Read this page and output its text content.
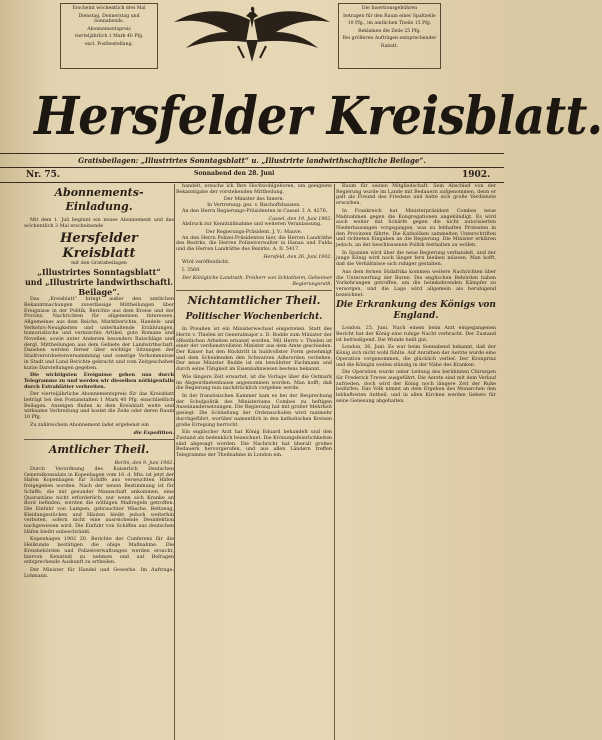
Erscheint wöchentlich drei Mal

Dienstag, Donnerstag und Sonnabends.

Abonnementspreis

vierteljährlich 1 Mark 40 Pfg.

excl. Postbestellung.

Die Insertionsgebühren

betragen für den Raum einer Spaltzeile

10 Pfg., im amtlichen Theile 15 Pfg.

Reklamen die Zeile 25 Pfg.

Bei größeren Aufträgen entsprechender

Rabatt.

Hersfelder Kreisblatt.
Gratisbeilagen: „Illustrirtes Sonntagsblatt“ u. „Illustrirte landwirthschaftliche Beilage“.
Nr. 75.	Sonnabend den 28. Juni	1902.
Abonnements-Einladung.

Mit dem 1. Juli beginnt ein neues Abonnement und das wöchentlich 3 Mal erscheinende

Hersfelder Kreisblatt
mit den Gratisbeilagen
„Illustrirtes Sonntagsblatt“
und „Illustrirte landwirthschaftl. Beilage“.

Das „Kreisblatt“ bringt außer den amtlichen Bekanntmachungen zuverlässige Mittheilungen über Ereignisse in der Politik, Berichte aus dem Kreise und der Provinz, Nachrichten für allgemeinen Interessen, Allgemeines aus dem Reiche, Marktberichte, Handels- und Verkehrs-Neuigkeiten und unterhaltende Erzählungen, humoristische und vermischte Artikel, gute Romane und Novellen, sowie unter Anderem besonders Ratschläge und dergl. Mittheilungen aus dem Gebiete der Landwirthschaft. Daneben werden ferner über wichtige Sitzungen der Stadtverordnetenversammlung und sonstige Vorkommnisse in Stadt und Land Berichte gebracht und vom Zeitgeschehen kurze Darstellungen gegeben.

Die wichtigsten Ereignisse gehen uns durch Telegramme zu und werden wir dieselben nöthigenfalls durch Extrablätter verbreiten.

Der vierteljährliche Abonnementspreis für das Kreisblatt beträgt bei den Postanstalten 1 Mark 40 Pfg. einschließlich Beilagen. Anzeigen finden in dem Kreisblatt weite und wirksame Verbreitung und kostet die Zeile oder deren Raum 10 Pfg.

Zu zahlreichem Abonnement ladet ergebenst ein

die Expedition.
Amtlicher Theil.
Berlin, den 9. Juni 1902.

Durch Verordnung des Kaiserlich Deutschen Generalkonsulats in Kopenhagen vom 16. d. Mts. ist jetzt der Hafen Kopenhagen für Schiffe aus verseuchten Häfen freigegeben worden. Nach der neuen Bestimmung ist für Schiffe, die mit gesunder Mannschaft ankommen, eine Quarantäne nicht erforderlich; nur wenn sich Kranke an Bord befinden, werden die nöthigen Maßregeln getroffen. Die Einfuhr von Lumpen, gebrauchter Wäsche, Bettzeug, Kleidungsstücken und Häuten bleibt jedoch weiterhin verboten, sofern nicht eine ausreichende Desinfektion nachgewiesen wird. Die Einfuhr von Schiffen aus deutschen Häfen bleibt unbeschränkt.

Kopenhagen 1902 20. Berichte der Conferenz für die Heilkunde bestätigen die obige Maßnahme. Die Kreisbehörden und Polizeiverwaltungen werden ersucht, hiervon Kenntniß zu nehmen und auf Befragen entsprechende Auskunft zu ertheilen.

Der Minister für Handel und Gewerbe. Im Auftrage: Lohmann.

handelt, ersuche ich Ihre Hochwohlgeboren, um geeignete Bekanntgabe der vorstehenden Mittheilung.

Der Minister des Innern.
In Vertretung: gez. v. Bischoffshausen.

An den Herrn Regierungs-Präsidenten in Cassel. I. A. 4276.

Cassel, den 19. Juni 1902.

Abdruck zur Kenntnißnahme und weiteren Veranlassung.

Der Regierungs-Präsident. J. V.: Mauve.

An den Herrn Polizei-Präsidenten hier, die Herren Landräthe des Bezirks, die Herren Polizeiverwalter in Hanau und Fulda und die Herren Landräthe des Bezirks. A. II. 5417.

Hersfeld, den 26. Juni 1902.

Wird veröffentlicht.

I. 3569.

Der Königliche Landrath. Freiherr von Schlotheim, Geheimer Regierungsrath.
Nichtamtlicher Theil.
Politischer Wochenbericht.

In Preußen ist ein Ministerwechsel eingetreten. Statt des Herrn v. Thielen ist Generalmajor z. D. Budde zum Minister der öffentlichen Arbeiten ernannt worden. Mit Herrn v. Thielen ist einer der verdienstvollsten Minister aus dem Amte geschieden. Der Kaiser hat den Rücktritt in huldvollster Form genehmigt und dem Scheidenden den Schwarzen Adlerorden verliehen. Der neue Minister Budde ist ein bewährter Fachmann und durch seine Tätigkeit im Eisenbahnwesen bestens bekannt.

Wie längere Zeit erwartet, ist die Vorlage über die Ostmark im Abgeordnetenhause angenommen worden. Man hofft, daß die Regierung nun nachdrücklich vorgehen werde.

In der französischen Kammer kam es bei der Besprechung der Schulpolitik des Ministeriums Combes zu heftigen Auseinandersetzungen. Die Regierung hat mit großer Mehrheit gesiegt. Die Schließung der Ordensschulen wird nunmehr durchgeführt, worüber namentlich in den katholischen Kreisen große Erregung herrscht.

Ein englischer Arzt hat König Eduard behandelt und den Zustand als bedenklich bezeichnet. Die Krönungsfeierlichkeiten sind abgesagt worden. Die Nachricht hat überall großes Bedauern hervorgerufen, und aus allen Ländern treffen Telegramme der Theilnahme in London ein.

Raum für seinen Mitgliedschaft. Sein Abschied von der Regierung wurde im Lande mit Bedauern aufgenommen, denn er galt als Freund des Friedens und hatte sich große Verdienste erworben.

In Frankreich hat Ministerpräsident Combes neue Maßnahmen gegen die Kongregationen angekündigt. Es wird auch weiter mit Schärfe gegen die nicht autorisierten Niederlassungen vorgegangen, was zu lebhaften Protesten in den Provinzen führte. Die Katholiken sammelten Unterschriften und richteten Eingaben an die Regierung. Die Minister erklären jedoch, an der beschlossenen Politik festhalten zu wollen.

In Spanien wird über die neue Regierung verhandelt, und der junge König wird noch länger fern bleiben müssen. Man hofft, daß die Verhältnisse sich ruhiger gestalten.

Aus dem fernen Südafrika kommen weitere Nachrichten über die Unterwerfung der Buren. Die englischen Behörden haben Vorkehrungen getroffen, um die heimkehrenden Kämpfer zu versorgen, und die Lage wird allgemein als beruhigend bezeichnet.

Die Erkrankung des Königs von England.

London, 25. Juni. Nach einem beim Arzt eingegangenen Bericht hat der König eine ruhige Nacht verbracht. Der Zustand ist befriedigend. Die Wunde heilt gut.

London, 26. Juni. Es war beim Sonnabend bekannt, daß der König sich nicht wohl fühlte. Auf Anrathen der Aerzte wurde eine Operation vorgenommen, die glücklich verlief. Der Kronprinz und die Königin weilen ständig in der Nähe des Kranken.

Die Operation wurde unter Leitung des berühmten Chirurgen Sir Frederick Treves ausgeführt. Die Aerzte sind mit dem Verlauf zufrieden, doch wird der König noch längere Zeit der Ruhe bedürfen. Das Volk nimmt an dem Ergehen des Monarchen den lebhaftesten Antheil, und in allen Kirchen werden Gebete für seine Genesung abgehalten.
